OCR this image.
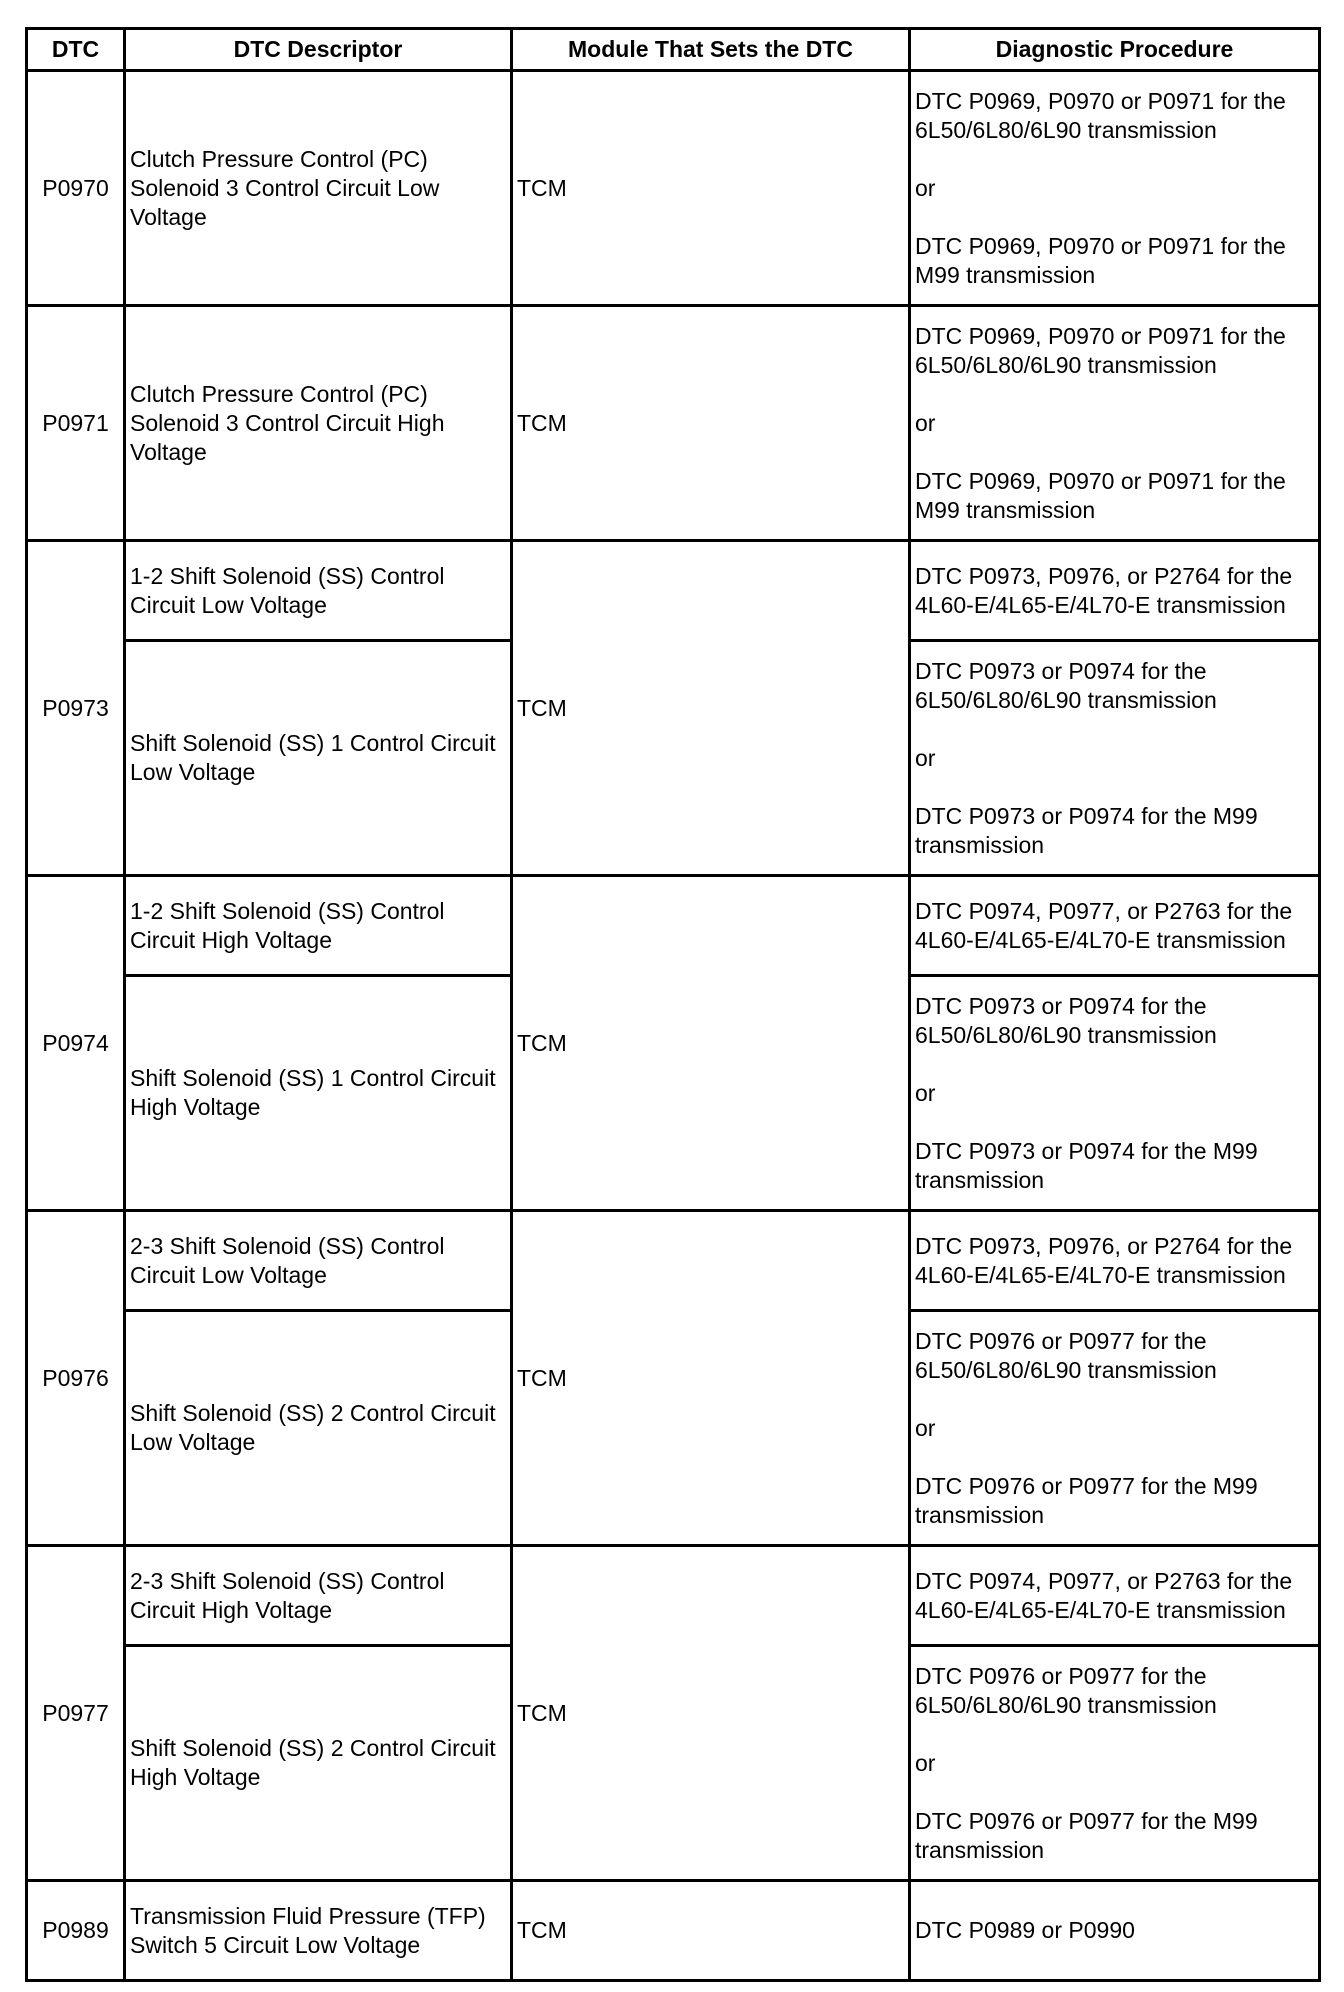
DTC	DTC Descriptor	Module That Sets the DTC	Diagnostic Procedure
P0970	Clutch Pressure Control (PC) Solenoid 3 Control Circuit Low Voltage	TCM	DTC P0969, P0970 or P0971 for the 6L50/6L80/6L90 transmission
or
DTC P0969, P0970 or P0971 for the M99 transmission

P0971	Clutch Pressure Control (PC) Solenoid 3 Control Circuit High Voltage	TCM	DTC P0969, P0970 or P0971 for the 6L50/6L80/6L90 transmission
or
DTC P0969, P0970 or P0971 for the M99 transmission

P0973	1-2 Shift Solenoid (SS) Control Circuit Low Voltage	TCM	DTC P0973, P0976, or P2764 for the 4L60-E/4L65-E/4L70-E transmission
	Shift Solenoid (SS) 1 Control Circuit Low Voltage		DTC P0973 or P0974 for the 6L50/6L80/6L90 transmission
or
DTC P0973 or P0974 for the M99 transmission

P0974	1-2 Shift Solenoid (SS) Control Circuit High Voltage	TCM	DTC P0974, P0977, or P2763 for the 4L60-E/4L65-E/4L70-E transmission
	Shift Solenoid (SS) 1 Control Circuit High Voltage		DTC P0973 or P0974 for the 6L50/6L80/6L90 transmission
or
DTC P0973 or P0974 for the M99 transmission

P0976	2-3 Shift Solenoid (SS) Control Circuit Low Voltage	TCM	DTC P0973, P0976, or P2764 for the 4L60-E/4L65-E/4L70-E transmission
	Shift Solenoid (SS) 2 Control Circuit Low Voltage		DTC P0976 or P0977 for the 6L50/6L80/6L90 transmission
or
DTC P0976 or P0977 for the M99 transmission

P0977	2-3 Shift Solenoid (SS) Control Circuit High Voltage	TCM	DTC P0974, P0977, or P2763 for the 4L60-E/4L65-E/4L70-E transmission
	Shift Solenoid (SS) 2 Control Circuit High Voltage		DTC P0976 or P0977 for the 6L50/6L80/6L90 transmission
or
DTC P0976 or P0977 for the M99 transmission

P0989	Transmission Fluid Pressure (TFP) Switch 5 Circuit Low Voltage	TCM	DTC P0989 or P0990
